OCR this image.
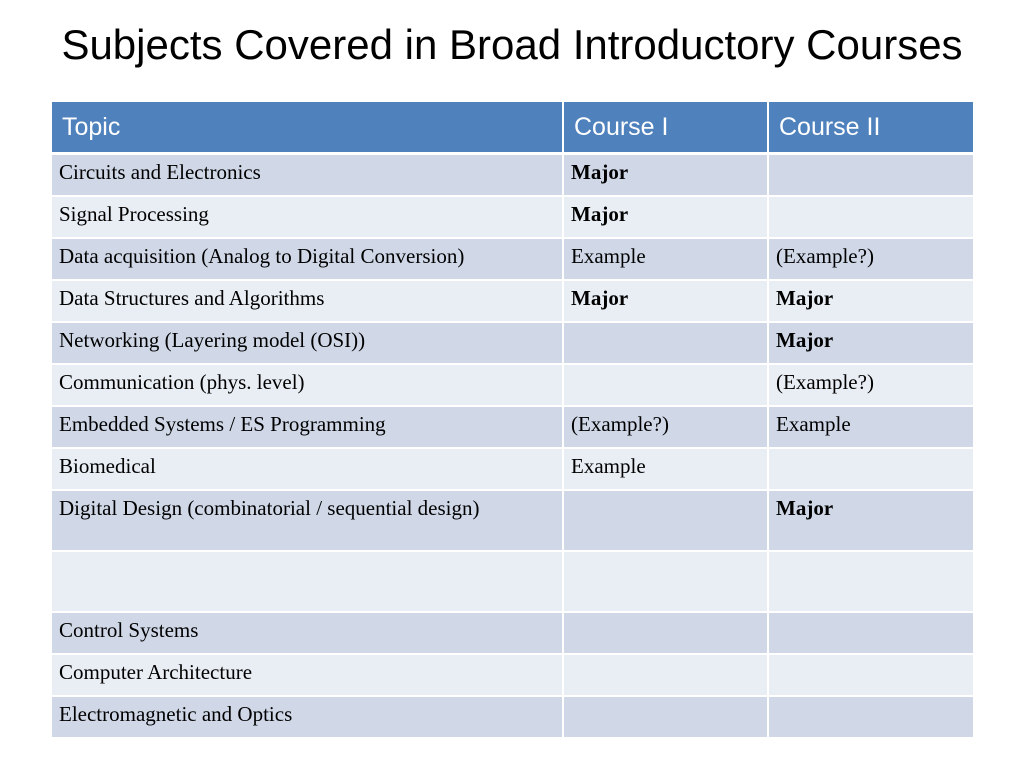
Subjects Covered in Broad Introductory Courses
Topic	Course I	Course II
Circuits and Electronics	Major	
Signal Processing	Major	
Data acquisition (Analog to Digital Conversion)	Example	(Example?)
Data Structures and Algorithms	Major	Major
Networking (Layering model (OSI))		Major
Communication (phys. level)		(Example?)
Embedded Systems / ES Programming	(Example?)	Example
Biomedical	Example	
Digital Design (combinatorial / sequential design)		Major

Control Systems		
Computer Architecture		
Electromagnetic and Optics		
